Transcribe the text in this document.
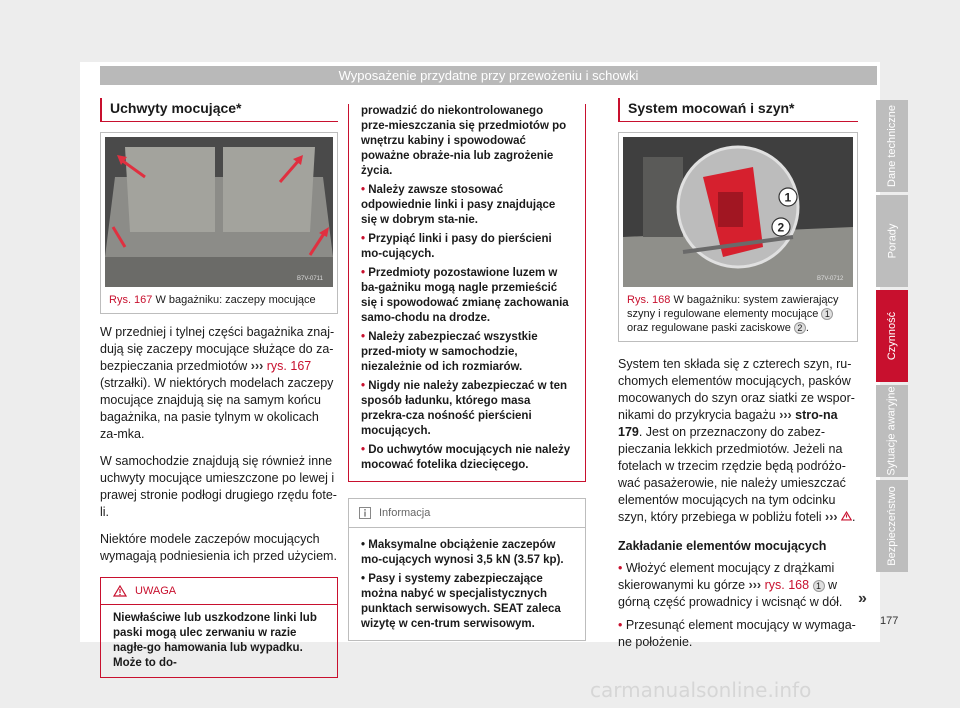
Wyposażenie przydatne przy przewożeniu i schowki
Uchwyty mocujące*
B7V-0711
Rys. 167 W bagażniku: zaczepy mocujące
W przedniej i tylnej części bagażnika znaj-dują się zaczepy mocujące służące do za-bezpieczania przedmiotów ››› rys. 167 (strzałki). W niektórych modelach zaczepy mocujące znajdują się na samym końcu bagażnika, na pasie tylnym w okolicach za-mka.
W samochodzie znajdują się również inne uchwyty mocujące umieszczone po lewej i prawej stronie podłogi drugiego rzędu fote-li.
Niektóre modele zaczepów mocujących wymagają podniesienia ich przed użyciem.
UWAGA
Niewłaściwe lub uszkodzone linki lub paski mogą ulec zerwaniu w razie nagłe-go hamowania lub wypadku. Może to do-

prowadzić do niekontrolowanego prze-mieszczania się przedmiotów po wnętrzu kabiny i spowodować poważne obraże-nia lub zagrożenie życia.

• Należy zawsze stosować odpowiednie linki i pasy znajdujące się w dobrym sta-nie.

• Przypiąć linki i pasy do pierścieni mo-cujących.

• Przedmioty pozostawione luzem w ba-gażniku mogą nagle przemieścić się i spowodować zmianę zachowania samo-chodu na drodze.

• Należy zabezpieczać wszystkie przed-mioty w samochodzie, niezależnie od ich rozmiarów.

• Nigdy nie należy zabezpieczać w ten sposób ładunku, którego masa przekra-cza nośność pierścieni mocujących.

• Do uchwytów mocujących nie należy mocować fotelika dziecięcego.

Informacja

• Maksymalne obciążenie zaczepów mo-cujących wynosi 3,5 kN (3.57 kp).

• Pasy i systemy zabezpieczające można nabyć w specjalistycznych punktach serwisowych. SEAT zaleca wizytę w cen-trum serwisowym.

System mocowań i szyn*
1
2
B7V-0712
Rys. 168 W bagażniku: system zawierający szyny i regulowane elementy mocujące 1 oraz regulowane paski zaciskowe 2 .
System ten składa się z czterech szyn, ru-chomych elementów mocujących, pasków mocowanych do szyn oraz siatki ze wspor-nikami do przykrycia bagażu ››› stro-na 179. Jest on przeznaczony do zabez-pieczania lekkich przedmiotów. Jeżeli na fotelach w trzecim rzędzie będą podróżo-wać pasażerowie, nie należy umieszczać elementów mocujących na tym odcinku szyn, który przebiega w pobliżu foteli ››› .
Zakładanie elementów mocujących
• Włożyć element mocujący z drążkami skierowanymi ku górze ››› rys. 168 1 w górną część prowadnicy i wcisnąć w dół.
• Przesunąć element mocujący w wymaga-ne położenie.
Dane techniczne
Porady
Czynność
Sytuacje awaryjne
Bezpieczeństwo
»
177
carmanualsonline.info
